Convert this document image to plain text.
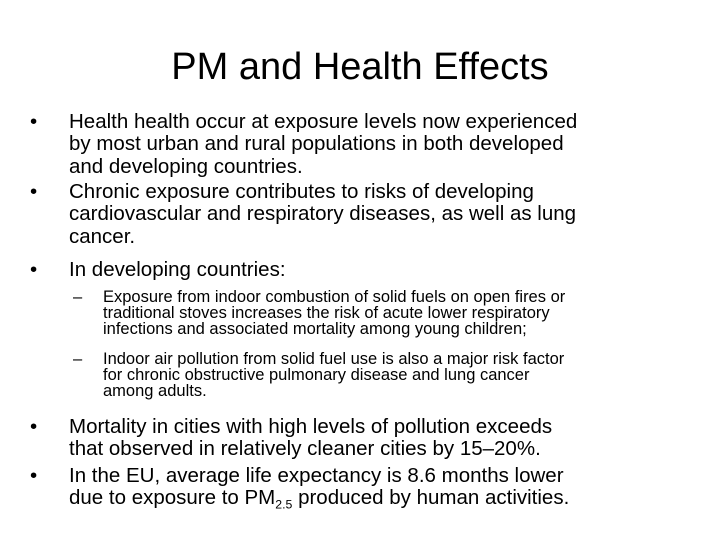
PM and Health Effects
•	Health health occur at exposure levels now experienced
by most urban and rural populations in both developed
and developing countries.
•	Chronic exposure contributes to risks of developing
cardiovascular and respiratory diseases, as well as lung
cancer.
•	In developing countries:
– Exposure from indoor combustion of solid fuels on open fires or
traditional stoves increases the risk of acute lower respiratory
infections and associated mortality among young children;
– Indoor air pollution from solid fuel use is also a major risk factor
for chronic obstructive pulmonary disease and lung cancer
among adults.
•	Mortality in cities with high levels of pollution exceeds
that observed in relatively cleaner cities by 15–20%.
•	In the EU, average life expectancy is 8.6 months lower
due to exposure to $PM_{2.5}$ produced by human activities.
